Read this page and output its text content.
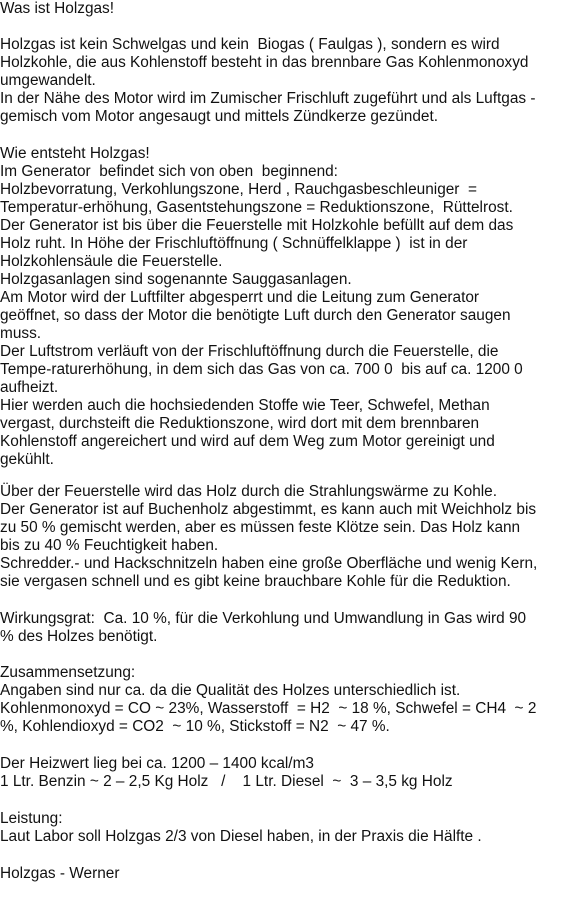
Was ist Holzgas!
Holzgas ist kein Schwelgas und kein  Biogas ( Faulgas ), sondern es wird
Holzkohle, die aus Kohlenstoff besteht in das brennbare Gas Kohlenmonoxyd
umgewandelt.
In der Nähe des Motor wird im Zumischer Frischluft zugeführt und als Luftgas -
gemisch vom Motor angesaugt und mittels Zündkerze gezündet.
Wie entsteht Holzgas!
Im Generator  befindet sich von oben  beginnend:
Holzbevorratung, Verkohlungszone, Herd , Rauchgasbeschleuniger  =
Temperatur-erhöhung, Gasentstehungszone = Reduktionszone,  Rüttelrost.
Der Generator ist bis über die Feuerstelle mit Holzkohle befüllt auf dem das
Holz ruht. In Höhe der Frischluftöffnung ( Schnüffelklappe )  ist in der
Holzkohlensäule die Feuerstelle.
Holzgasanlagen sind sogenannte Sauggasanlagen.
Am Motor wird der Luftfilter abgesperrt und die Leitung zum Generator
geöffnet, so dass der Motor die benötigte Luft durch den Generator saugen
muss.
Der Luftstrom verläuft von der Frischluftöffnung durch die Feuerstelle, die
Tempe-raturerhöhung, in dem sich das Gas von ca. 700 0  bis auf ca. 1200 0
aufheizt.
Hier werden auch die hochsiedenden Stoffe wie Teer, Schwefel, Methan
vergast, durchsteift die Reduktionszone, wird dort mit dem brennbaren
Kohlenstoff angereichert und wird auf dem Weg zum Motor gereinigt und
gekühlt.
Über der Feuerstelle wird das Holz durch die Strahlungswärme zu Kohle.
Der Generator ist auf Buchenholz abgestimmt, es kann auch mit Weichholz bis
zu 50 % gemischt werden, aber es müssen feste Klötze sein. Das Holz kann
bis zu 40 % Feuchtigkeit haben.
Schredder.- und Hackschnitzeln haben eine große Oberfläche und wenig Kern,
sie vergasen schnell und es gibt keine brauchbare Kohle für die Reduktion.
Wirkungsgrat:  Ca. 10 %, für die Verkohlung und Umwandlung in Gas wird 90
% des Holzes benötigt.
Zusammensetzung:
Angaben sind nur ca. da die Qualität des Holzes unterschiedlich ist.
Kohlenmonoxyd = CO ~ 23%, Wasserstoff  = H2  ~ 18 %, Schwefel = CH4  ~ 2
%, Kohlendioxyd = CO2  ~ 10 %, Stickstoff = N2  ~ 47 %.
Der Heizwert lieg bei ca. 1200 – 1400 kcal/m3
1 Ltr. Benzin ~ 2 – 2,5 Kg Holz   /    1 Ltr. Diesel  ~  3 – 3,5 kg Holz
Leistung:
Laut Labor soll Holzgas 2/3 von Diesel haben, in der Praxis die Hälfte .
Holzgas - Werner
